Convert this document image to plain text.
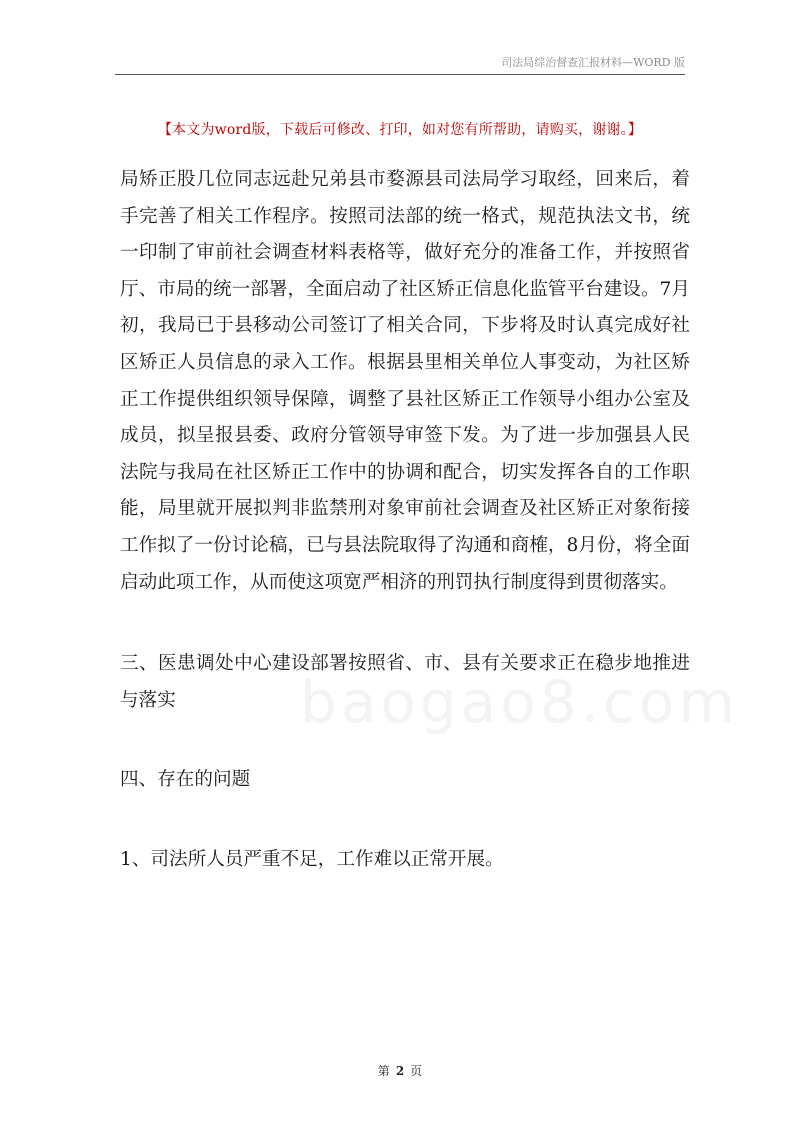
司法局综治督查汇报材料—WORD 版
【本文为word版，下载后可修改、打印，如对您有所帮助，请购买，谢谢。】

局矫正股几位同志远赴兄弟县市婺源县司法局学习取经，回来后，着手完善了相关工作程序。按照司法部的统一格式，规范执法文书，统一印制了审前社会调查材料表格等，做好充分的准备工作，并按照省厅、市局的统一部署，全面启动了社区矫正信息化监管平台建设。7月初，我局已于县移动公司签订了相关合同，下步将及时认真完成好社区矫正人员信息的录入工作。根据县里相关单位人事变动，为社区矫正工作提供组织领导保障，调整了县社区矫正工作领导小组办公室及成员，拟呈报县委、政府分管领导审签下发。为了进一步加强县人民法院与我局在社区矫正工作中的协调和配合，切实发挥各自的工作职能，局里就开展拟判非监禁刑对象审前社会调查及社区矫正对象衔接工作拟了一份讨论稿，已与县法院取得了沟通和商榷，8月份，将全面启动此项工作，从而使这项宽严相济的刑罚执行制度得到贯彻落实。

三、医患调处中心建设部署按照省、市、县有关要求正在稳步地推进与落实

四、存在的问题

1、司法所人员严重不足，工作难以正常开展。

baogao8.com
第 2 页
